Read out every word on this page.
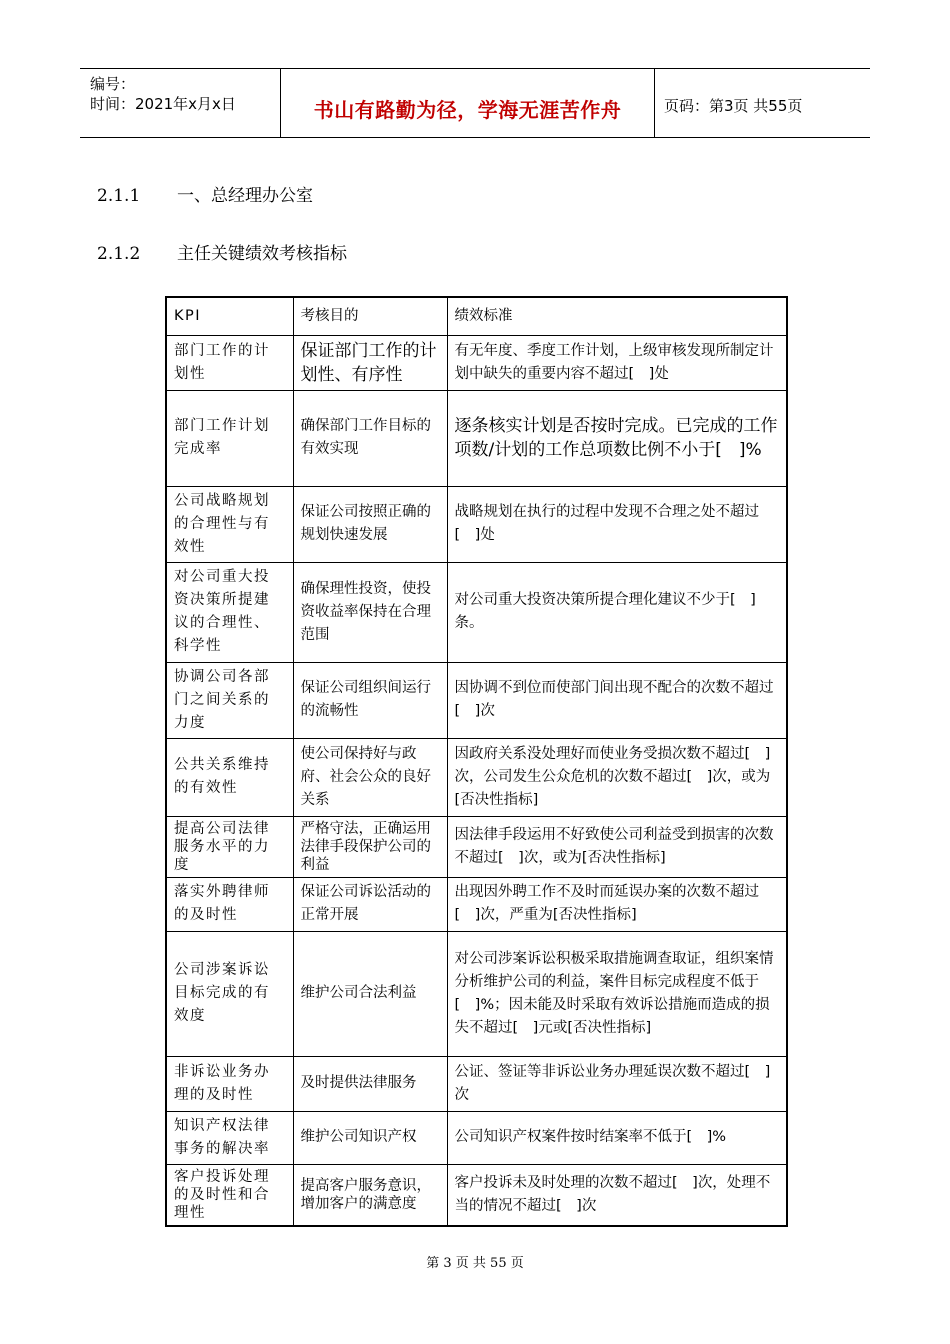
编号：
时间：2021年x月x日	书山有路勤为径，学海无涯苦作舟	页码：第3页 共55页
2.1.1 一、总经理办公室
2.1.2 主任关键绩效考核指标
KPI	考核目的	绩效标准
部门工作的计划性	保证部门工作的计划性、有序性	有无年度、季度工作计划，上级审核发现所制定计划中缺失的重要内容不超过[　]处
部门工作计划完成率	确保部门工作目标的有效实现	逐条核实计划是否按时完成。已完成的工作项数/计划的工作总项数比例不小于[　]%
公司战略规划的合理性与有效性	保证公司按照正确的规划快速发展	战略规划在执行的过程中发现不合理之处不超过[　]处
对公司重大投资决策所提建议的合理性、科学性	确保理性投资，使投资收益率保持在合理范围	对公司重大投资决策所提合理化建议不少于[　]条。
协调公司各部门之间关系的力度	保证公司组织间运行的流畅性	因协调不到位而使部门间出现不配合的次数不超过[　]次
公共关系维持的有效性	使公司保持好与政府、社会公众的良好关系	因政府关系没处理好而使业务受损次数不超过[　]次，公司发生公众危机的次数不超过[　]次，或为[否决性指标]
提高公司法律服务水平的力度	严格守法，正确运用法律手段保护公司的利益	因法律手段运用不好致使公司利益受到损害的次数不超过[　]次，或为[否决性指标]
落实外聘律师的及时性	保证公司诉讼活动的正常开展	出现因外聘工作不及时而延误办案的次数不超过[　]次，严重为[否决性指标]
公司涉案诉讼目标完成的有效度	维护公司合法利益	对公司涉案诉讼积极采取措施调查取证，组织案情分析维护公司的利益，案件目标完成程度不低于[　]%；因未能及时采取有效诉讼措施而造成的损失不超过[　]元或[否决性指标]
非诉讼业务办理的及时性	及时提供法律服务	公证、签证等非诉讼业务办理延误次数不超过[　]次
知识产权法律事务的解决率	维护公司知识产权	公司知识产权案件按时结案率不低于[　]%
客户投诉处理的及时性和合理性	提高客户服务意识，增加客户的满意度	客户投诉未及时处理的次数不超过[　]次，处理不当的情况不超过[　]次
第 3 页 共 55 页
